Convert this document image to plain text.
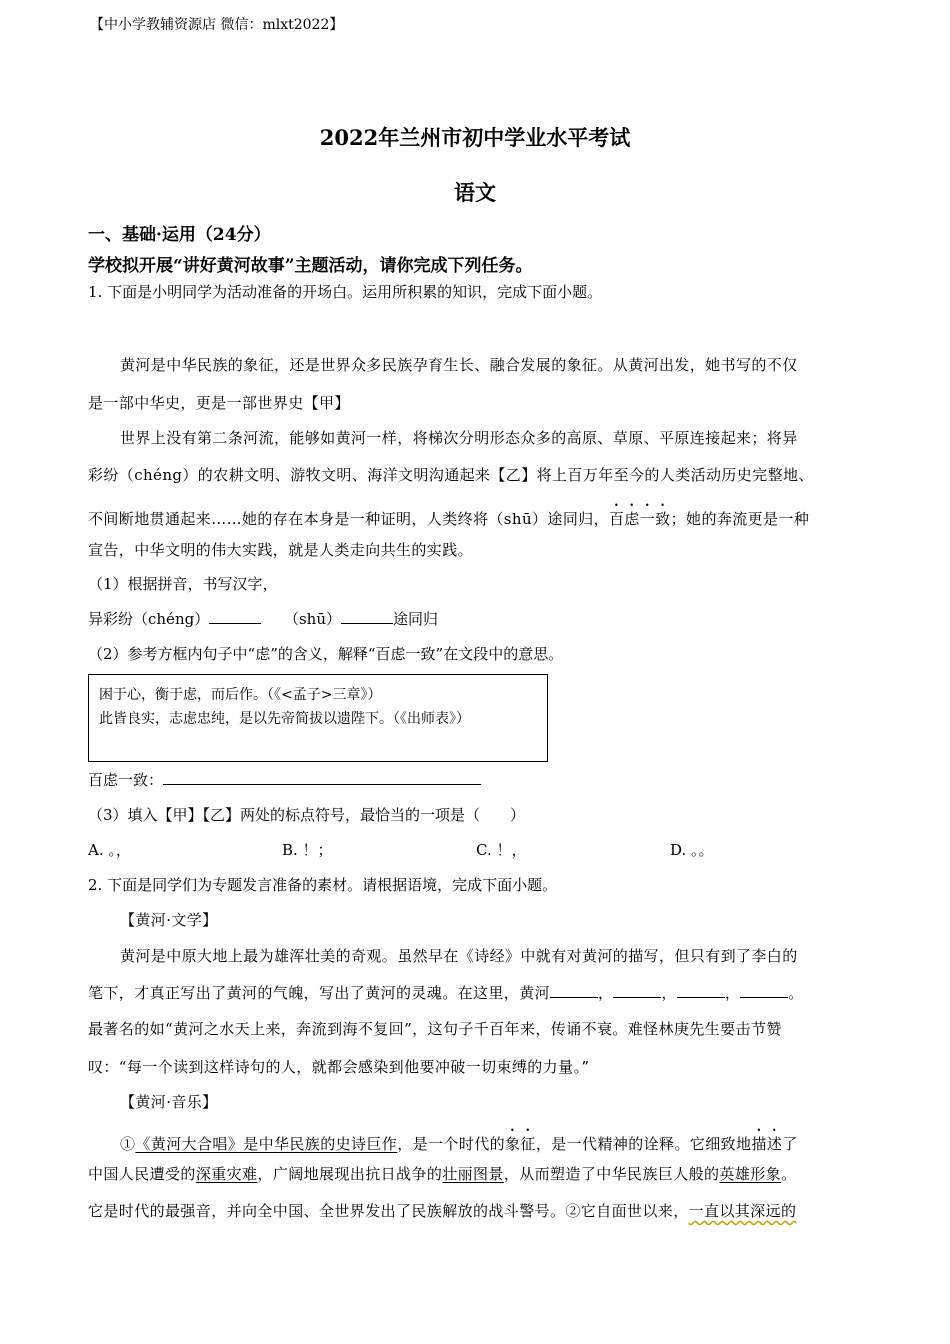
【中小学教辅资源店 微信：mlxt2022】
2022年兰州市初中学业水平考试
语文
一、基础·运用（24分）
学校拟开展“讲好黄河故事”主题活动，请你完成下列任务。
1. 下面是小明同学为活动准备的开场白。运用所积累的知识，完成下面小题。
黄河是中华民族的象征，还是世界众多民族孕育生长、融合发展的象征。从黄河出发，她书写的不仅
是一部中华史，更是一部世界史【甲】
世界上没有第二条河流，能够如黄河一样，将梯次分明形态众多的高原、草原、平原连接起来；将异
彩纷（chéng）的农耕文明、游牧文明、海洋文明沟通起来【乙】将上百万年至今的人类活动历史完整地、
不间断地贯通起来……她的存在本身是一种证明，人类终将（shū）途同归，百虑一致；她的奔流更是一种
宣告，中华文明的伟大实践，就是人类走向共生的实践。
（1）根据拼音，书写汉字，
异彩纷（chéng）	（shū）	途同归
（2）参考方框内句子中“虑”的含义，解释“百虑一致”在文段中的意思。
困于心，衡于虑，而后作。（《<孟子>三章》）
此皆良实，志虑忠纯，是以先帝简拔以遗陛下。（《出师表》）
百虑一致：
（3）填入【甲】【乙】两处的标点符号，最恰当的一项是（　　）
A. 。，	B. ！；	C. ！，	D. 。。
2. 下面是同学们为专题发言准备的素材。请根据语境，完成下面小题。
【黄河·文学】
黄河是中原大地上最为雄浑壮美的奇观。虽然早在《诗经》中就有对黄河的描写，但只有到了李白的
笔下，才真正写出了黄河的气魄，写出了黄河的灵魂。在这里，黄河	，	，	，	。
最著名的如“黄河之水天上来，奔流到海不复回”，这句子千百年来，传诵不衰。难怪林庚先生要击节赞
叹：“每一个读到这样诗句的人，就都会感染到他要冲破一切束缚的力量。”
【黄河·音乐】
①《黄河大合唱》是中华民族的史诗巨作，是一个时代的象征，是一代精神的诠释。它细致地描述了
中国人民遭受的深重灾难，广阔地展现出抗日战争的壮丽图景，从而塑造了中华民族巨人般的英雄形象。
它是时代的最强音，并向全中国、全世界发出了民族解放的战斗警号。②它自面世以来，一直以其深远的
